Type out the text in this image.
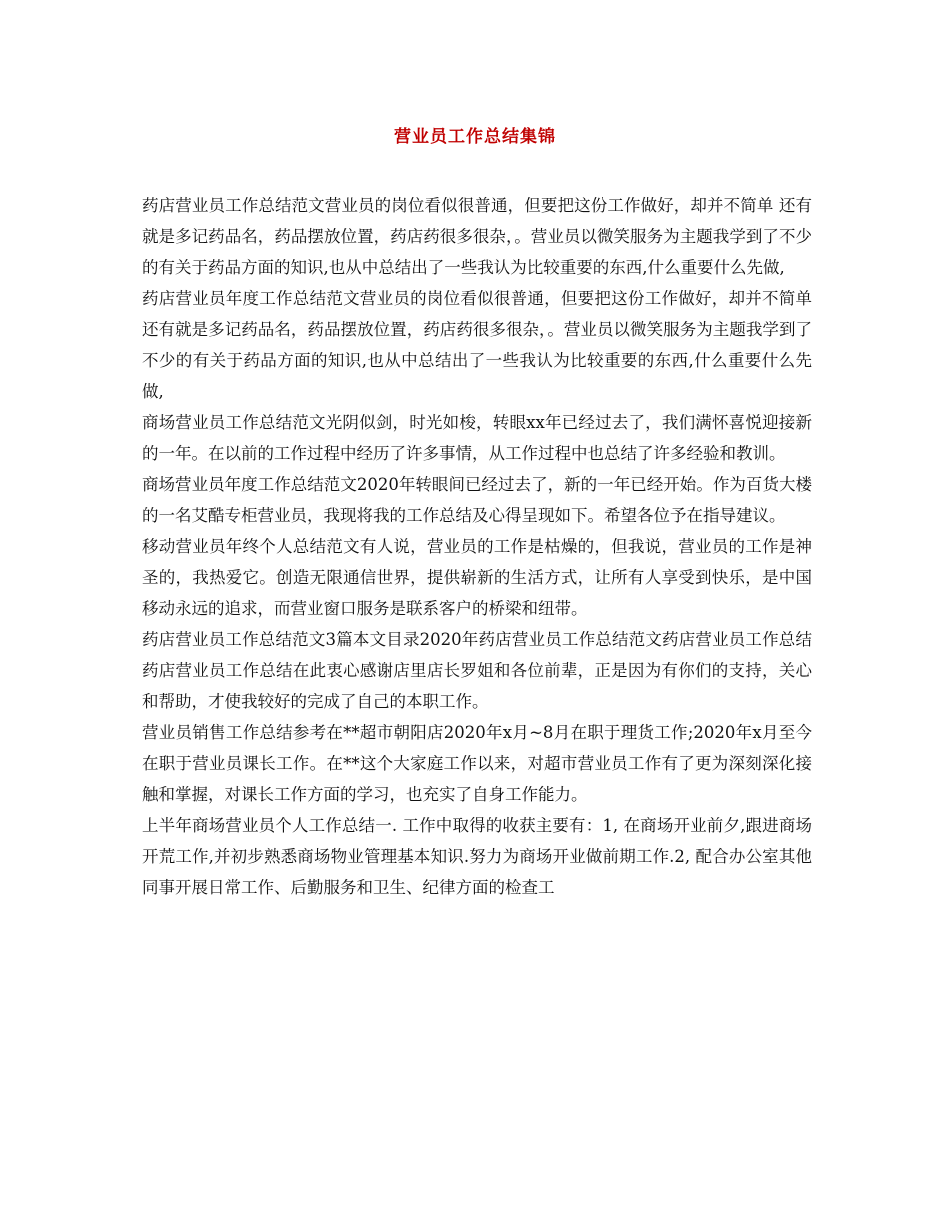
营业员工作总结集锦

药店营业员工作总结范文营业员的岗位看似很普通，但要把这份工作做好，却并不简单 还有就是多记药品名，药品摆放位置，药店药很多很杂，。营业员以微笑服务为主题我学到了不少的有关于药品方面的知识,也从中总结出了一些我认为比较重要的东西,什么重要什么先做,

药店营业员年度工作总结范文营业员的岗位看似很普通，但要把这份工作做好，却并不简单 还有就是多记药品名，药品摆放位置，药店药很多很杂，。营业员以微笑服务为主题我学到了不少的有关于药品方面的知识,也从中总结出了一些我认为比较重要的东西,什么重要什么先做,

商场营业员工作总结范文光阴似剑，时光如梭，转眼xx年已经过去了，我们满怀喜悦迎接新的一年。在以前的工作过程中经历了许多事情，从工作过程中也总结了许多经验和教训。

商场营业员年度工作总结范文2020年转眼间已经过去了，新的一年已经开始。作为百货大楼的一名艾酷专柜营业员，我现将我的工作总结及心得呈现如下。希望各位予在指导建议。

移动营业员年终个人总结范文有人说，营业员的工作是枯燥的，但我说，营业员的工作是神圣的，我热爱它。创造无限通信世界，提供崭新的生活方式，让所有人享受到快乐，是中国移动永远的追求，而营业窗口服务是联系客户的桥梁和纽带。

药店营业员工作总结范文3篇本文目录2020年药店营业员工作总结范文药店营业员工作总结药店营业员工作总结在此衷心感谢店里店长罗姐和各位前辈，正是因为有你们的支持，关心和帮助，才使我较好的完成了自己的本职工作。

营业员销售工作总结参考在**超市朝阳店2020年x月~8月在职于理货工作;2020年x月至今在职于营业员课长工作。在**这个大家庭工作以来，对超市营业员工作有了更为深刻深化接触和掌握，对课长工作方面的学习，也充实了自身工作能力。

上半年商场营业员个人工作总结一. 工作中取得的收获主要有：1, 在商场开业前夕,跟进商场开荒工作,并初步熟悉商场物业管理基本知识.努力为商场开业做前期工作.2, 配合办公室其他同事开展日常工作、后勤服务和卫生、纪律方面的检查工
